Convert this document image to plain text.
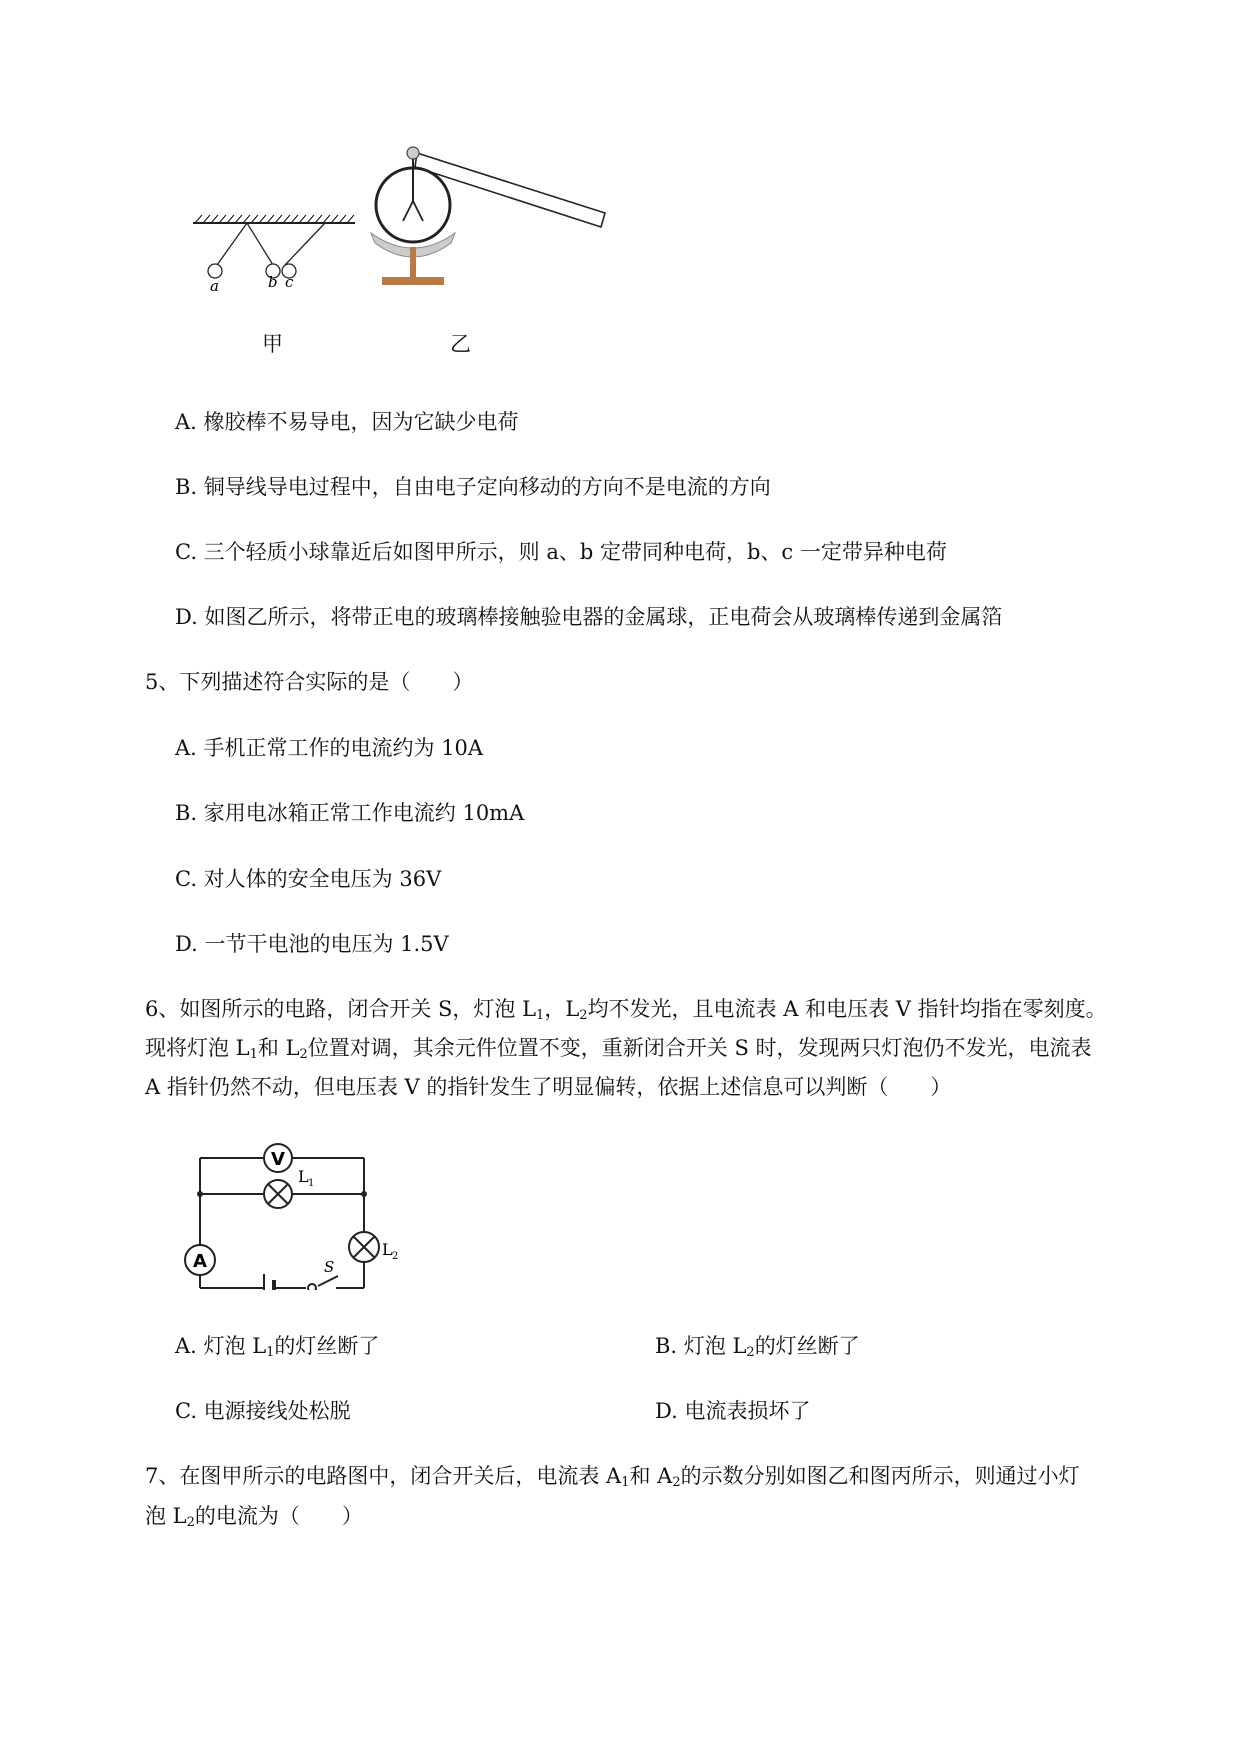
a	b c
甲	乙
A. 橡胶棒不易导电，因为它缺少电荷
B. 铜导线导电过程中，自由电子定向移动的方向不是电流的方向
C. 三个轻质小球靠近后如图甲所示，则 a、b 定带同种电荷，b、c 一定带异种电荷
D. 如图乙所示，将带正电的玻璃棒接触验电器的金属球，正电荷会从玻璃棒传递到金属箔
5、下列描述符合实际的是（　　）
A. 手机正常工作的电流约为 10A
B. 家用电冰箱正常工作电流约 10mA
C. 对人体的安全电压为 36V
D. 一节干电池的电压为 1.5V
6、如图所示的电路，闭合开关 S，灯泡 $L_1$，$L_2$均不发光，且电流表 A 和电压表 V 指针均指在零刻度。
现将灯泡 $L_1$和 $L_2$位置对调，其余元件位置不变，重新闭合开关 S 时，发现两只灯泡仍不发光，电流表
A 指针仍然不动，但电压表 V 的指针发生了明显偏转，依据上述信息可以判断（　　）
V
L 1
A
L 2
S
A. 灯泡 $L_1$的灯丝断了	B. 灯泡 $L_2$的灯丝断了
C. 电源接线处松脱	D. 电流表损坏了
7、在图甲所示的电路图中，闭合开关后，电流表 $A_1$和 $A_2$的示数分别如图乙和图丙所示，则通过小灯
泡 $L_2$的电流为（　　）
